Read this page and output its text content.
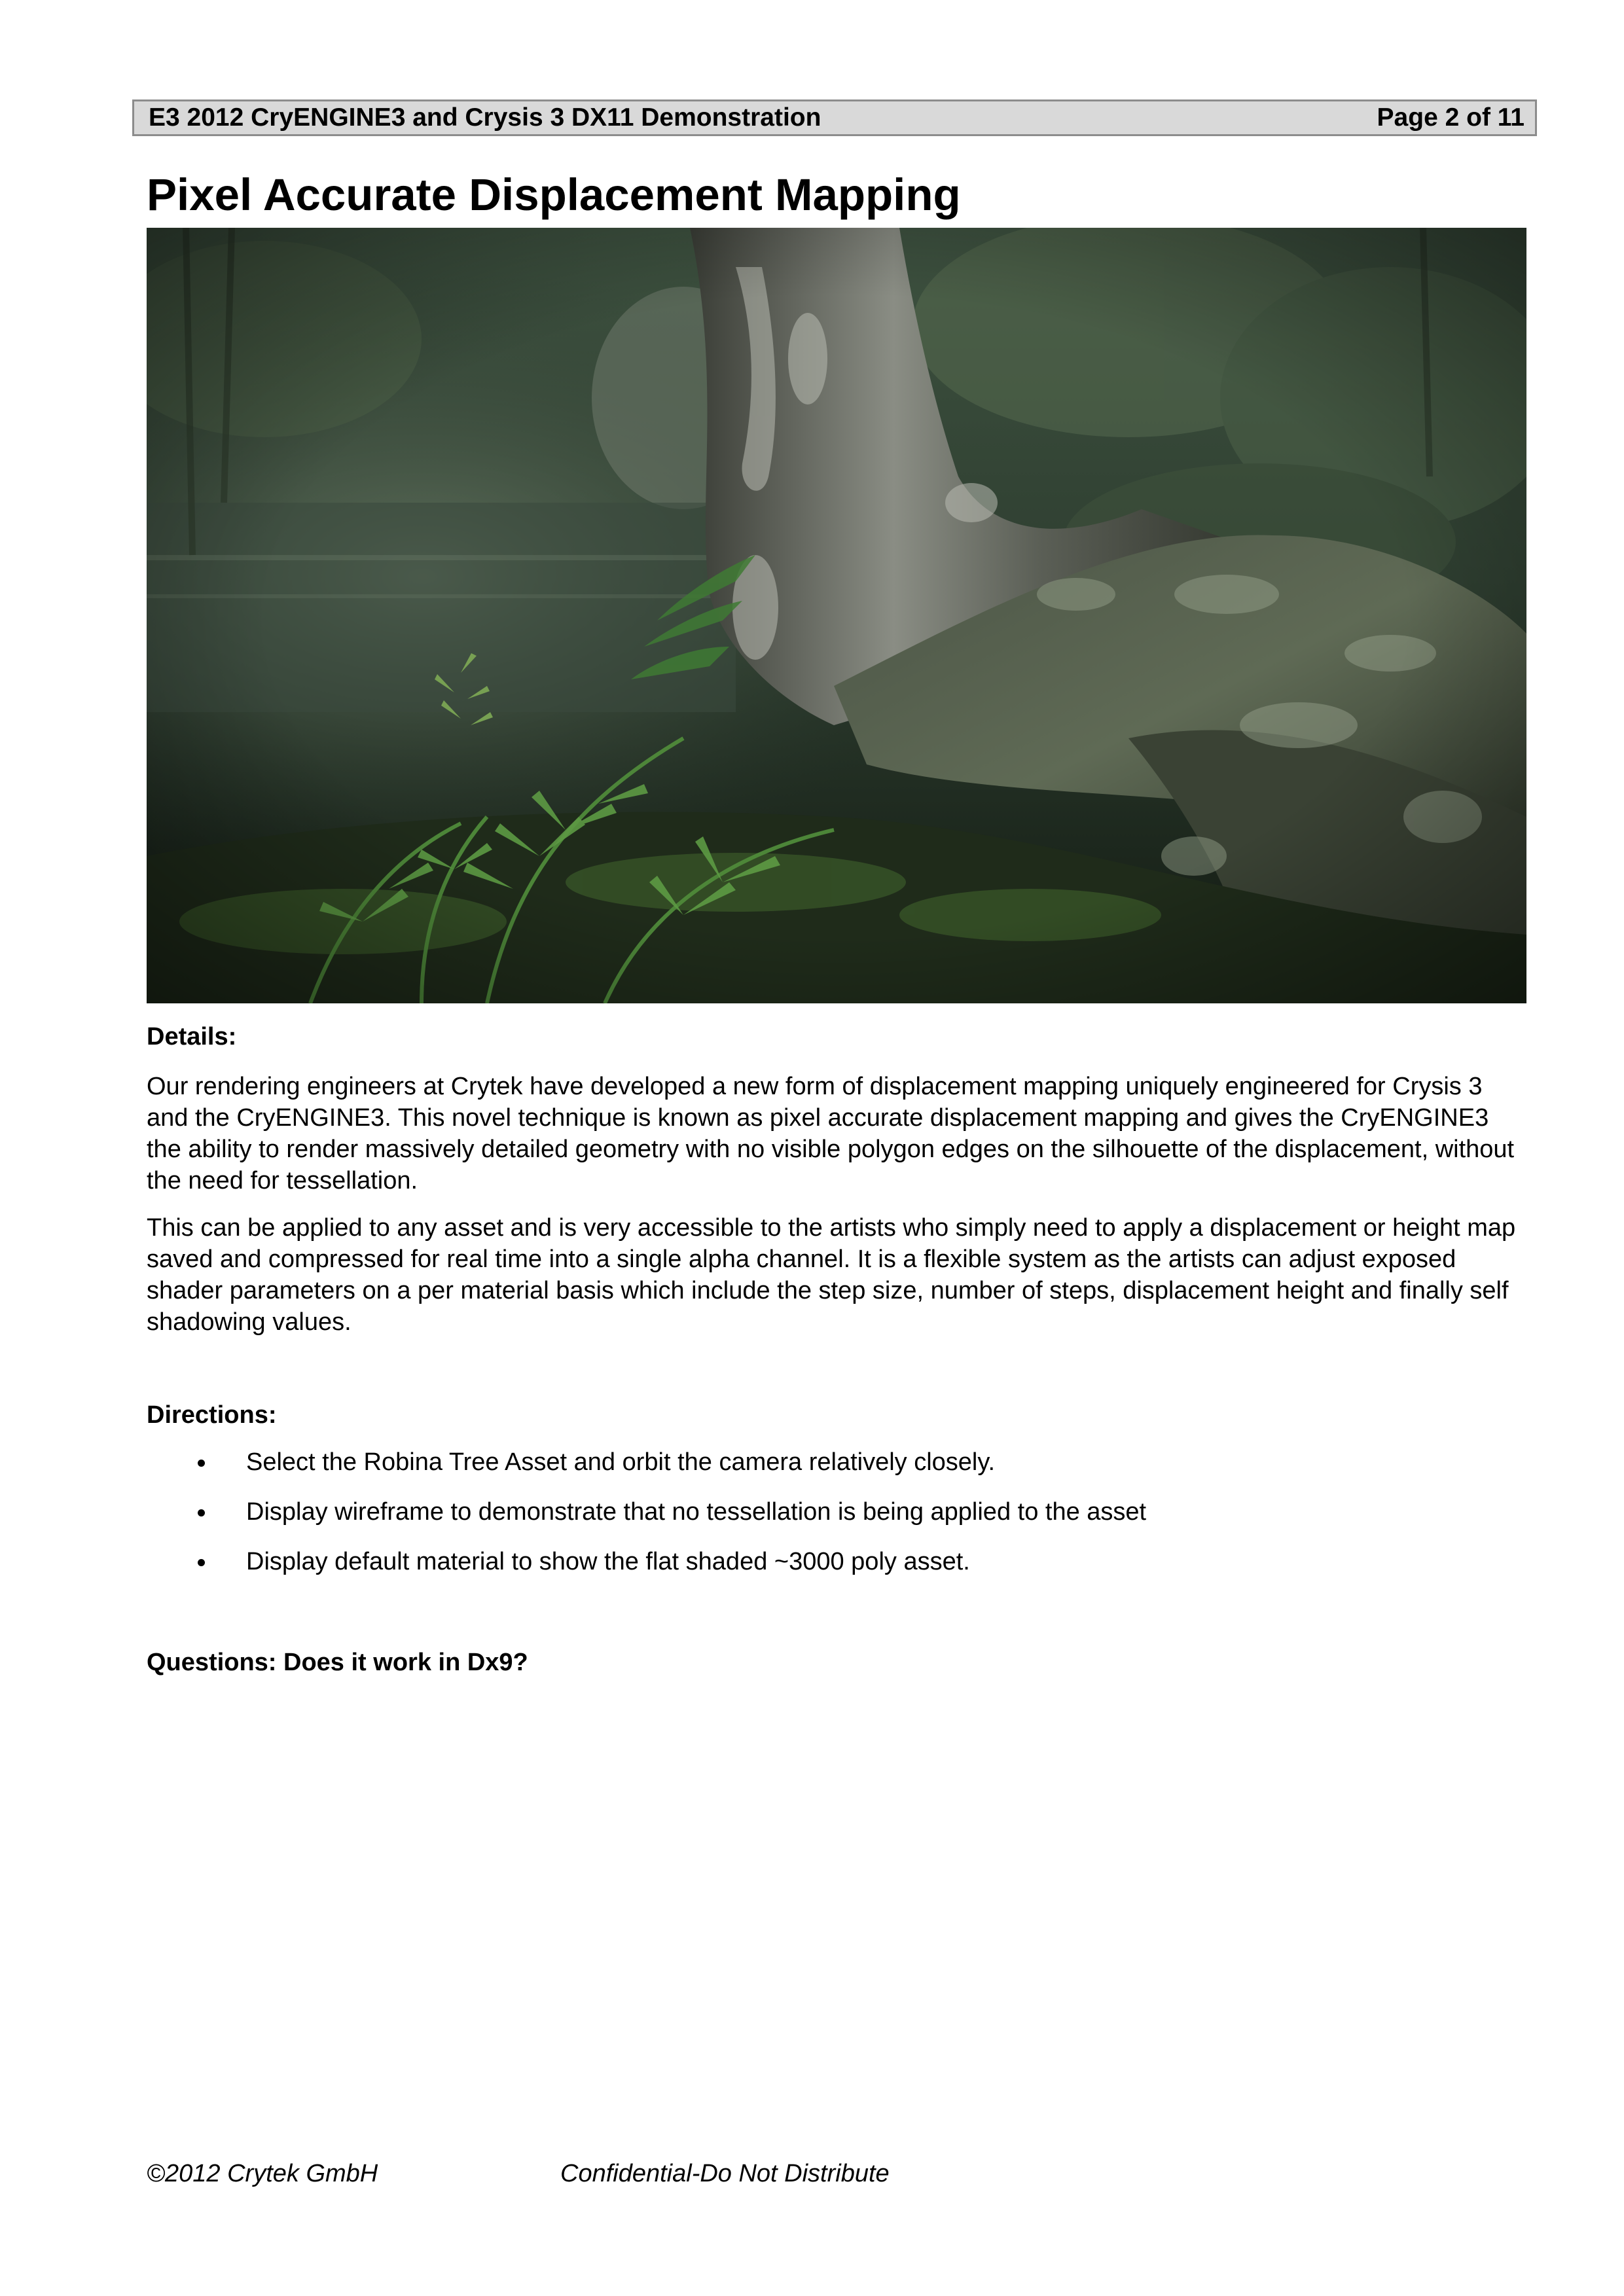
E3 2012 CryENGINE3 and Crysis 3 DX11 Demonstration	Page 2 of 11
Pixel Accurate Displacement Mapping
Details:

Our rendering engineers at Crytek have developed a new form of displacement mapping uniquely engineered for Crysis 3 and the CryENGINE3. This novel technique is known as pixel accurate displacement mapping and gives the CryENGINE3 the ability to render massively detailed geometry with no visible polygon edges on the silhouette of the displacement, without the need for tessellation.

This can be applied to any asset and is very accessible to the artists who simply need to apply a displacement or height map saved and compressed for real time into a single alpha channel. It is a flexible system as the artists can adjust exposed shader parameters on a per material basis which include the step size, number of steps, displacement height and finally self shadowing values.

Directions:
Select the Robina Tree Asset and orbit the camera relatively closely.
Display wireframe to demonstrate that no tessellation is being applied to the asset
Display default material to show the flat shaded ~3000 poly asset.
Questions: Does it work in Dx9?
©2012 Crytek GmbH	Confidential-Do Not Distribute
